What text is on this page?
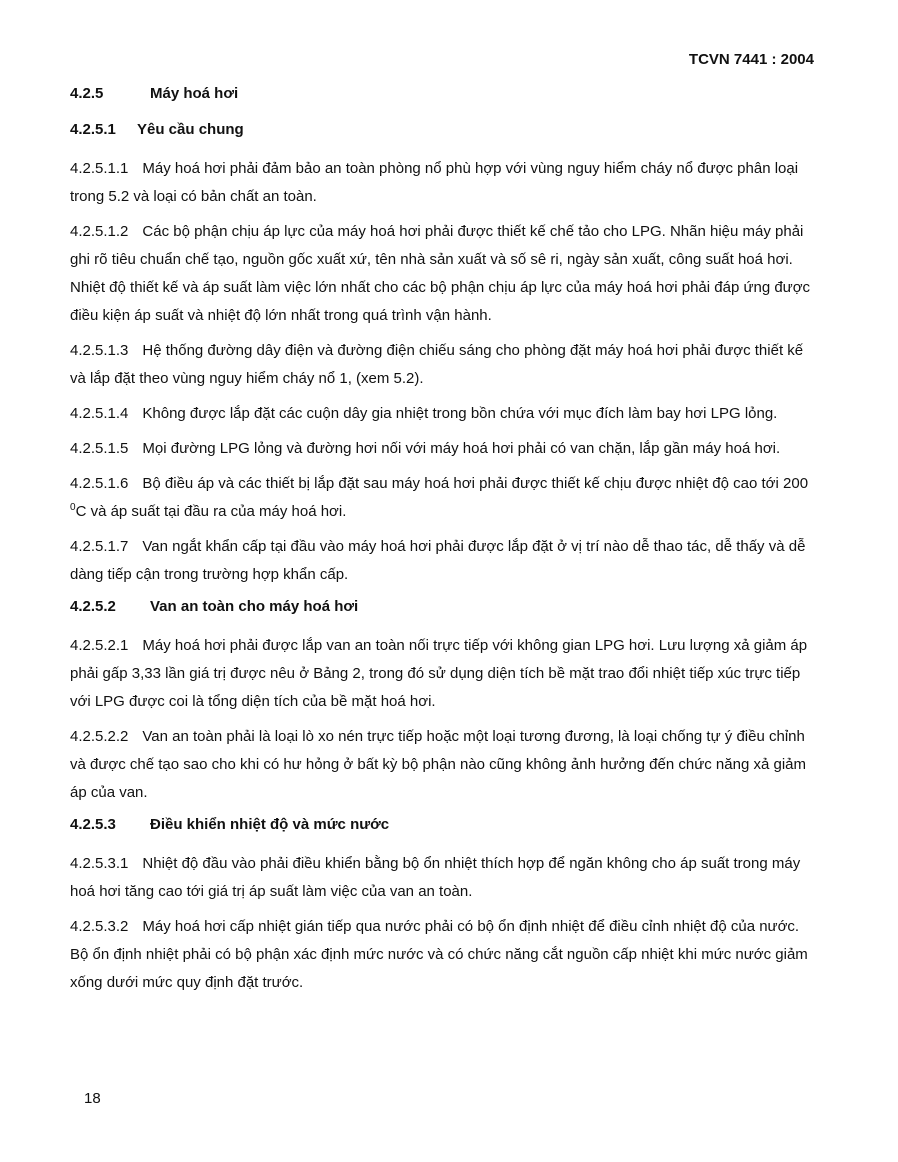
TCVN 7441 : 2004
4.2.5	Máy hoá hơi
4.2.5.1 Yêu cầu chung
4.2.5.1.1 Máy hoá hơi phải đảm bảo an toàn phòng nổ phù hợp với vùng nguy hiểm cháy nổ được phân loại trong 5.2 và loại có bản chất an toàn.
4.2.5.1.2 Các bộ phận chịu áp lực của máy hoá hơi phải được thiết kế chế tảo cho LPG. Nhãn hiệu máy phải ghi rõ tiêu chuẩn chế tạo, nguồn gốc xuất xứ, tên nhà sản xuất và số sê ri, ngày sản xuất, công suất hoá hơi. Nhiệt độ thiết kế và áp suất làm việc lớn nhất cho các bộ phận chịu áp lực của máy hoá hơi phải đáp ứng được điều kiện áp suất và nhiệt độ lớn nhất trong quá trình vận hành.
4.2.5.1.3 Hệ thống đường dây điện và đường điện chiếu sáng cho phòng đặt máy hoá hơi phải được thiết kế và lắp đặt theo vùng nguy hiểm cháy nổ 1, (xem 5.2).
4.2.5.1.4 Không được lắp đặt các cuộn dây gia nhiệt trong bồn chứa với mục đích làm bay hơi LPG lỏng.
4.2.5.1.5 Mọi đường LPG lỏng và đường hơi nối với máy hoá hơi phải có van chặn, lắp gần máy hoá hơi.
4.2.5.1.6 Bộ điều áp và các thiết bị lắp đặt sau máy hoá hơi phải được thiết kế chịu được nhiệt độ cao tới 200 $^0$C và áp suất tại đầu ra của máy hoá hơi.
4.2.5.1.7 Van ngắt khẩn cấp tại đầu vào máy hoá hơi phải được lắp đặt ở vị trí nào dễ thao tác, dễ thấy và dễ dàng tiếp cận trong trường hợp khẩn cấp.
4.2.5.2 Van an toàn cho máy hoá hơi
4.2.5.2.1 Máy hoá hơi phải được lắp van an toàn nối trực tiếp với không gian LPG hơi. Lưu lượng xả giảm áp phải gấp 3,33 lần giá trị được nêu ở Bảng 2, trong đó sử dụng diện tích bề mặt trao đổi nhiệt tiếp xúc trực tiếp với LPG được coi là tổng diện tích của bề mặt hoá hơi.
4.2.5.2.2 Van an toàn phải là loại lò xo nén trực tiếp hoặc một loại tương đương, là loại chống tự ý điều chỉnh và được chế tạo sao cho khi có hư hỏng ở bất kỳ bộ phận nào cũng không ảnh hưởng đến chức năng xả giảm áp của van.
4.2.5.3 Điều khiển nhiệt độ và mức nước
4.2.5.3.1 Nhiệt độ đầu vào phải điều khiển bằng bộ ổn nhiệt thích hợp để ngăn không cho áp suất trong máy hoá hơi tăng cao tới giá trị áp suất làm việc của van an toàn.
4.2.5.3.2 Máy hoá hơi cấp nhiệt gián tiếp qua nước phải có bộ ổn định nhiệt để điều cỉnh nhiệt độ của nước. Bộ ổn định nhiệt phải có bộ phận xác định mức nước và có chức năng cắt nguồn cấp nhiệt khi mức nước giảm xống dưới mức quy định đặt trước.
18
